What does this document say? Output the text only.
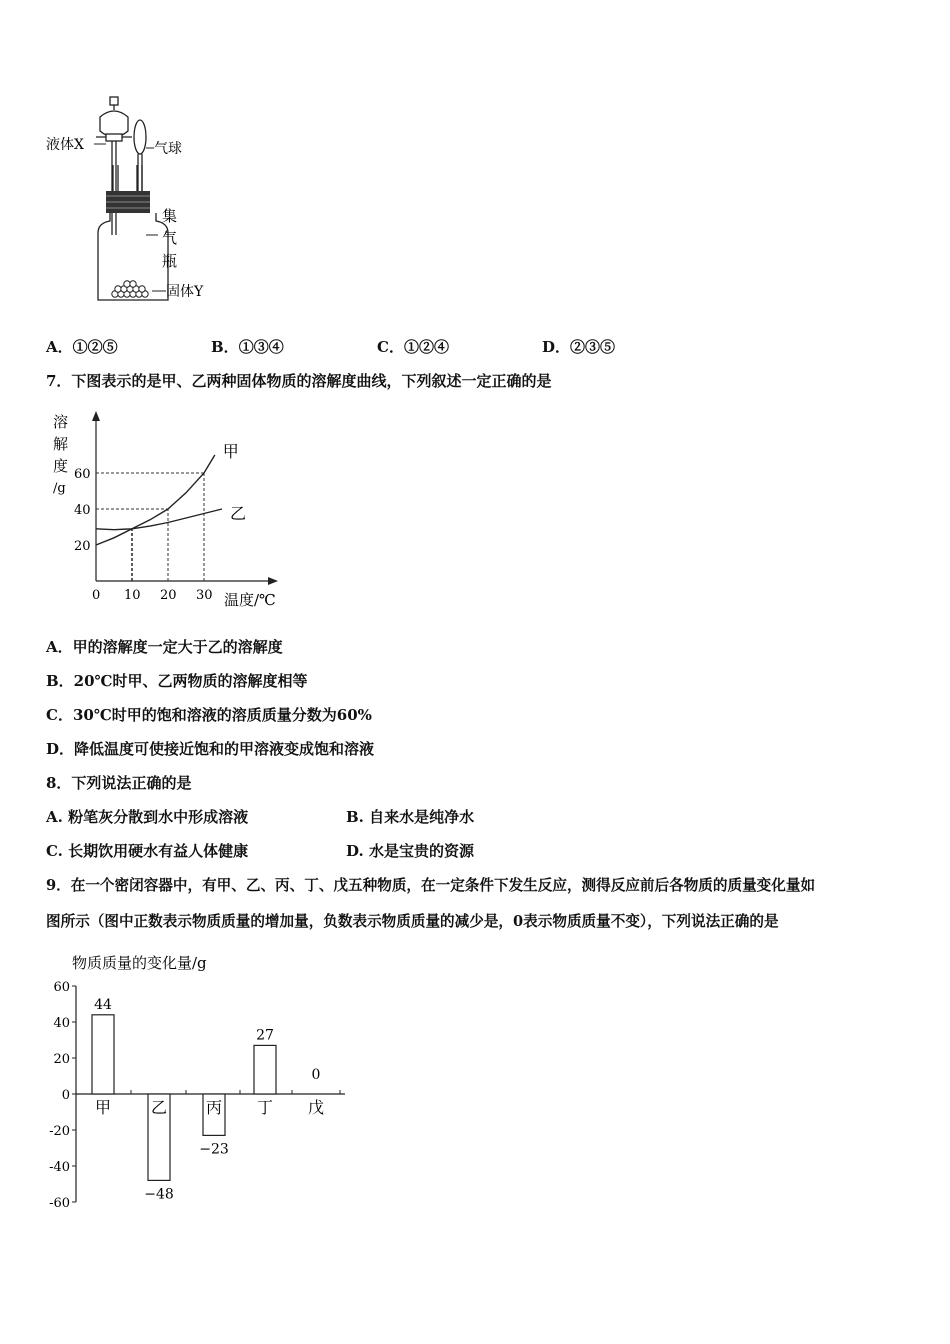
液体X	气球
集
气
瓶
固体Y
A．①②⑤	B．①③④	C．①②④	D．②③⑤
7．下图表示的是甲、乙两种固体物质的溶解度曲线，下列叙述一定正确的是
溶
解
度
/g
温度/℃
20
40
60
0 10 20 30
甲
乙
A．甲的溶解度一定大于乙的溶解度
B．20℃时甲、乙两物质的溶解度相等
C．30℃时甲的饱和溶液的溶质质量分数为60%
D．降低温度可使接近饱和的甲溶液变成饱和溶液
8．下列说法正确的是
A. 粉笔灰分散到水中形成溶液	B. 自来水是纯净水
C. 长期饮用硬水有益人体健康	D. 水是宝贵的资源
9．在一个密闭容器中，有甲、乙、丙、丁、戊五种物质，在一定条件下发生反应，测得反应前后各物质的质量变化量如
图所示（图中正数表示物质质量的增加量，负数表示物质质量的减少是，0表示物质质量不变），下列说法正确的是
物质质量的变化量/g
60
40
20
0
-20
-40
-60
甲
44
乙
−48
丙
−23
丁
27
戊
0
